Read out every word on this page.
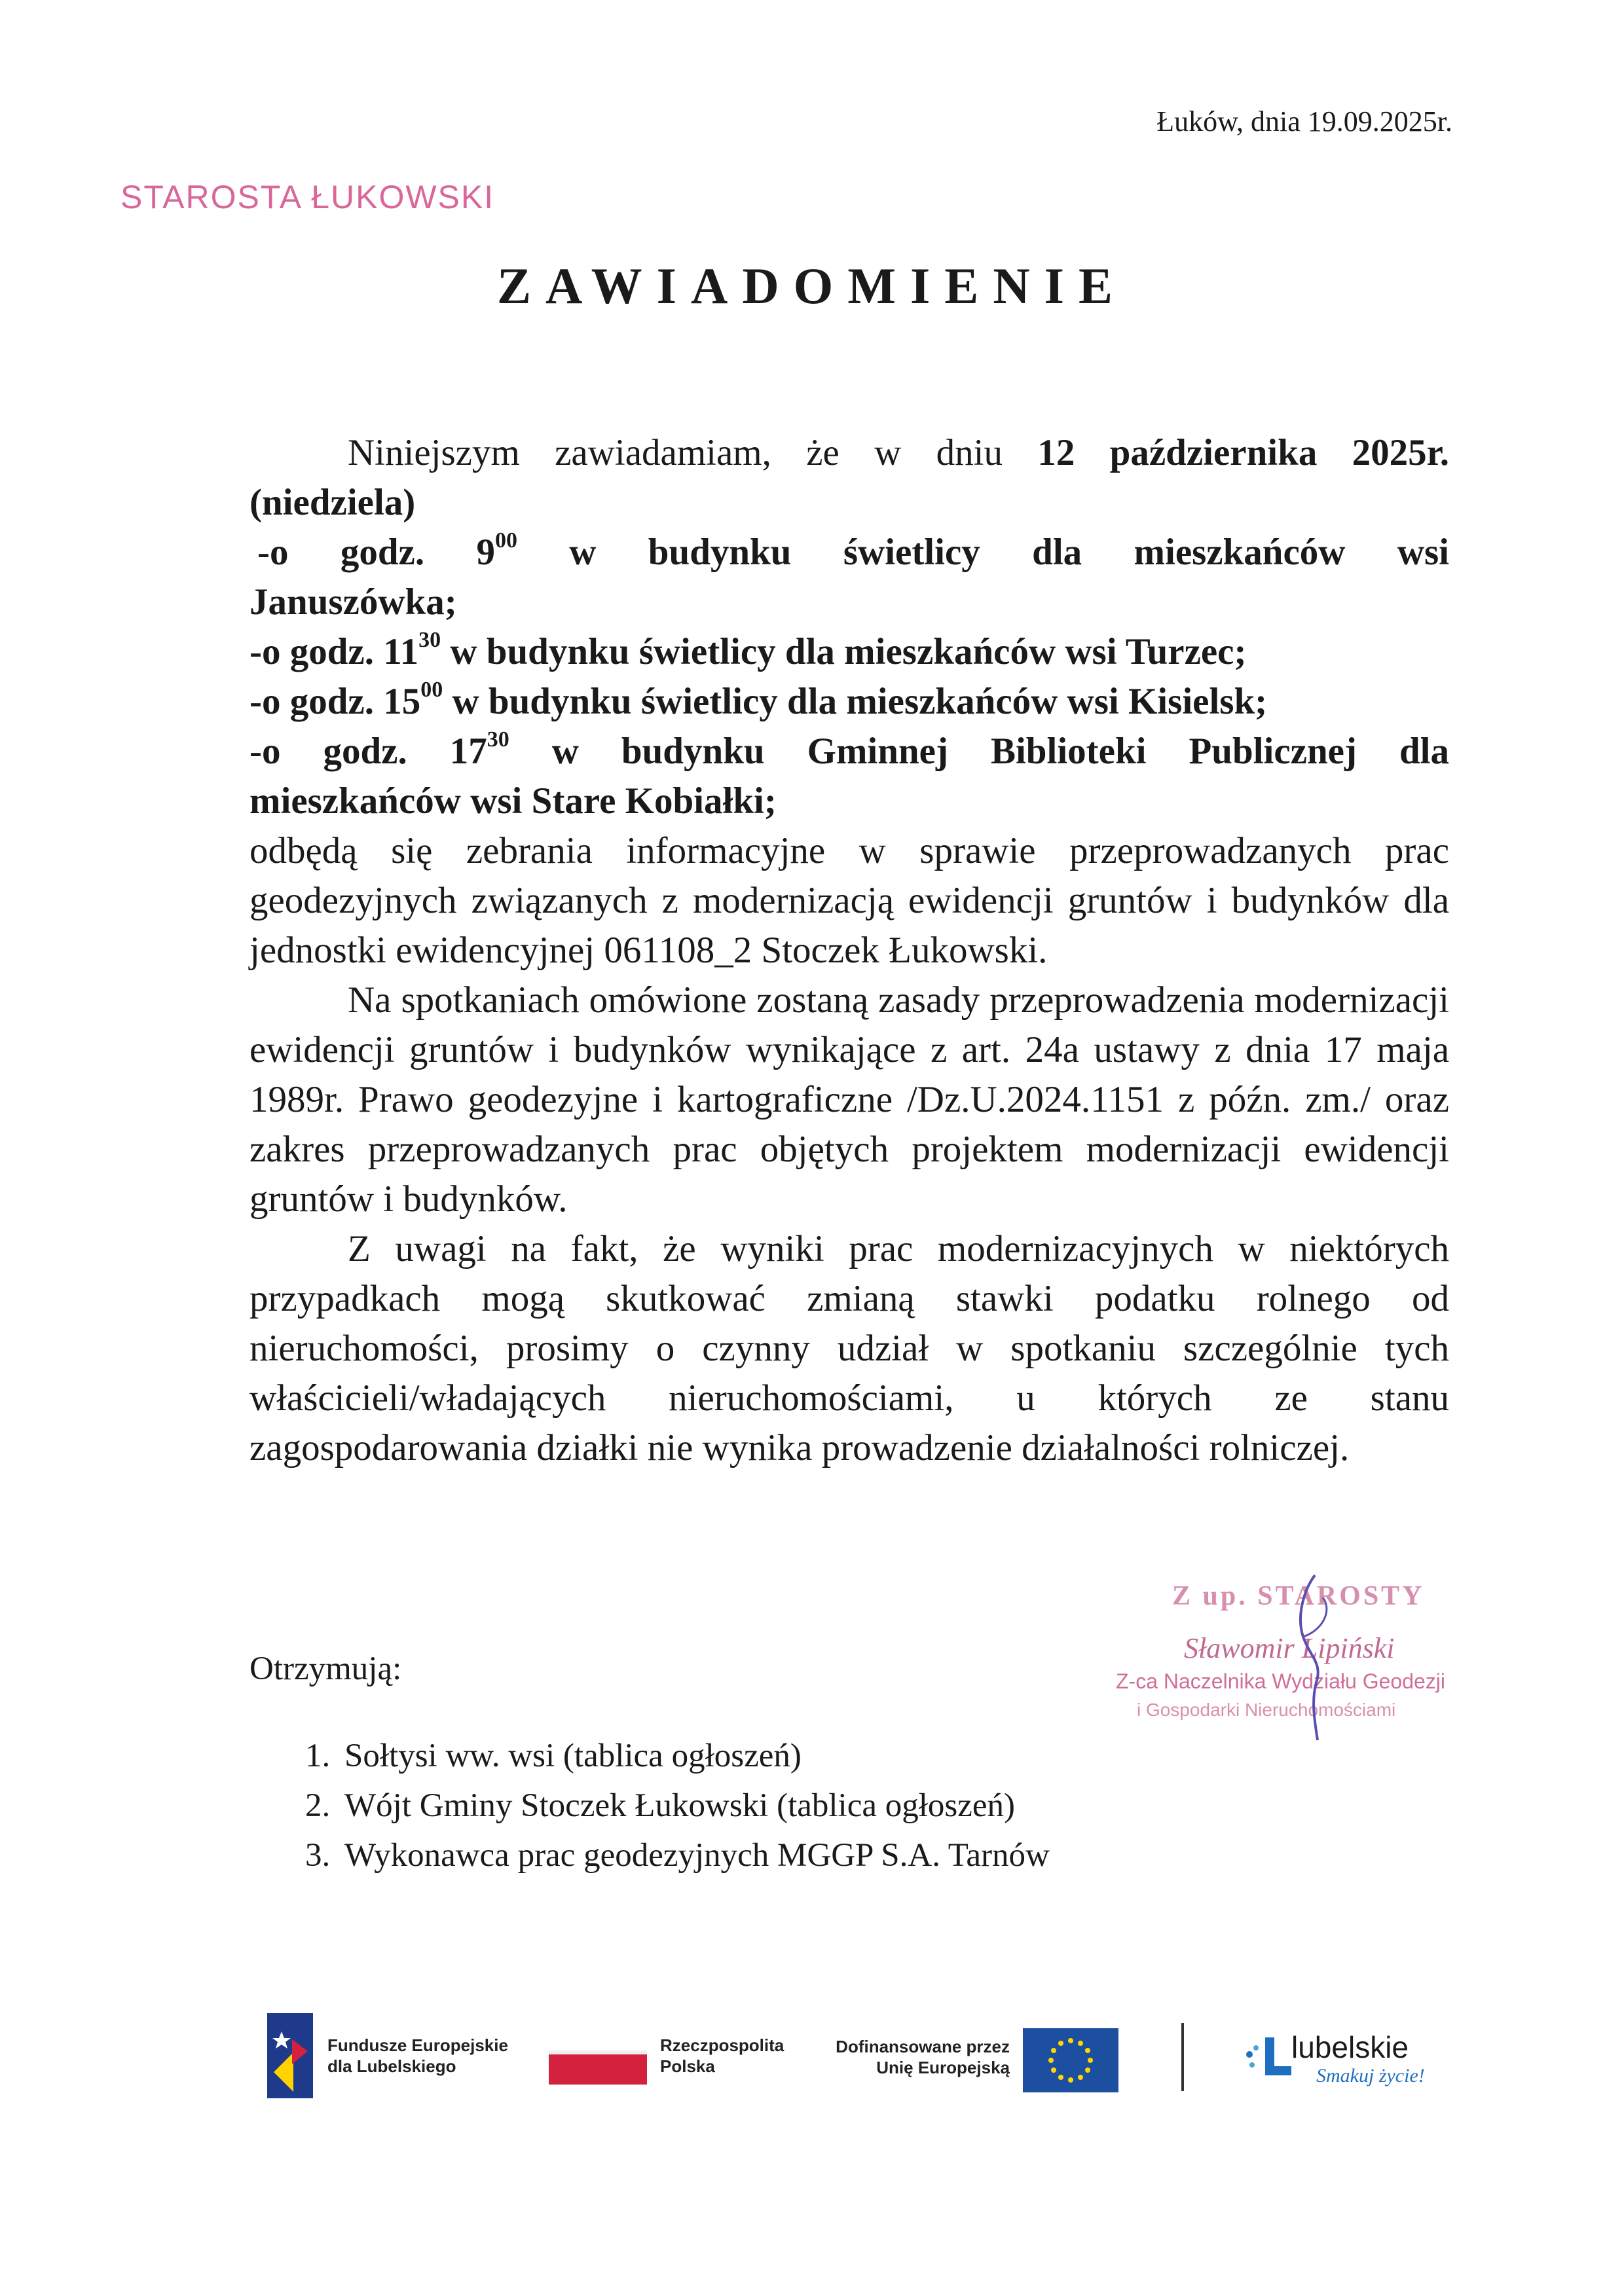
Łuków, dnia 19.09.2025r.
STAROSTA ŁUKOWSKI
ZAWIADOMIENIE

Niniejszym zawiadamiam, że w dniu 12 października 2025r.

(niedziela)

-o godz. $9^{00}$ w budynku świetlicy dla mieszkańców wsi

Januszówka;

-o godz. $11^{30}$ w budynku świetlicy dla mieszkańców wsi Turzec;

-o godz. $15^{00}$ w budynku świetlicy dla mieszkańców wsi Kisielsk;

-o godz. $17^{30}$ w budynku Gminnej Biblioteki Publicznej dla

mieszkańców wsi Stare Kobiałki;

odbędą się zebrania informacyjne w sprawie przeprowadzanych prac geodezyjnych związanych z modernizacją ewidencji gruntów i budynków dla jednostki ewidencyjnej 061108_2 Stoczek Łukowski.

Na spotkaniach omówione zostaną zasady przeprowadzenia modernizacji ewidencji gruntów i budynków wynikające z art. 24a ustawy z dnia 17 maja 1989r. Prawo geodezyjne i kartograficzne /Dz.U.2024.1151 z późn. zm./ oraz zakres przeprowadzanych prac objętych projektem modernizacji ewidencji gruntów i budynków.

Z uwagi na fakt, że wyniki prac modernizacyjnych w niektórych przypadkach mogą skutkować zmianą stawki podatku rolnego od nieruchomości, prosimy o czynny udział w spotkaniu szczególnie tych właścicieli/władających nieruchomościami, u których ze stanu zagospodarowania działki nie wynika prowadzenie działalności rolniczej.

Z up. STAROSTY
Sławomir Lipiński
Z-ca Naczelnika Wydziału Geodezji
i Gospodarki Nieruchomościami
Otrzymują:
1. Sołtysi ww. wsi (tablica ogłoszeń)
2. Wójt Gminy Stoczek Łukowski (tablica ogłoszeń)
3. Wykonawca prac geodezyjnych MGGP S.A. Tarnów
Fundusze Europejskie
dla Lubelskiego
Rzeczpospolita
Polska
Dofinansowane przez
Unię Europejską
lubelskie
Smakuj życie!
